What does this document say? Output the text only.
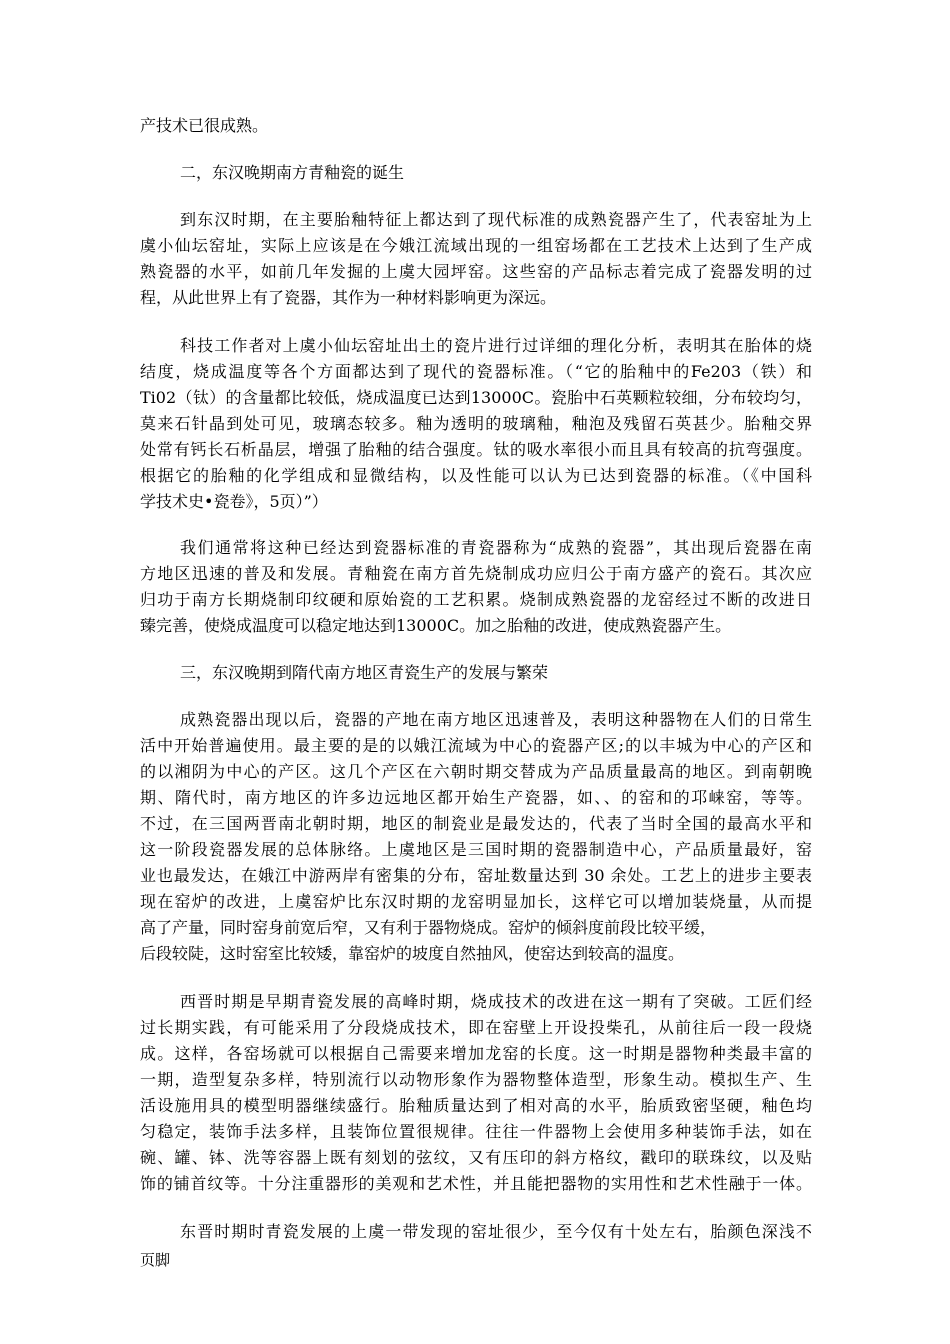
产技术已很成熟。
二，东汉晚期南方青釉瓷的诞生
到东汉时期，在主要胎釉特征上都达到了现代标准的成熟瓷器产生了，代表窑址为上
虞小仙坛窑址，实际上应该是在今娥江流域出现的一组窑场都在工艺技术上达到了生产成
熟瓷器的水平，如前几年发掘的上虞大园坪窑。这些窑的产品标志着完成了瓷器发明的过
程，从此世界上有了瓷器，其作为一种材料影响更为深远。
科技工作者对上虞小仙坛窑址出土的瓷片进行过详细的理化分析，表明其在胎体的烧
结度，烧成温度等各个方面都达到了现代的瓷器标准。（“它的胎釉中的Fe203（铁）和
Ti02（钛）的含量都比较低，烧成温度已达到13000C。瓷胎中石英颗粒较细，分布较均匀，
莫来石针晶到处可见，玻璃态较多。釉为透明的玻璃釉，釉泡及残留石英甚少。胎釉交界
处常有钙长石析晶层，增强了胎釉的结合强度。钛的吸水率很小而且具有较高的抗弯强度。
根据它的胎釉的化学组成和显微结构，以及性能可以认为已达到瓷器的标准。（《中国科
学技术史•瓷卷》，5页）”）
我们通常将这种已经达到瓷器标准的青瓷器称为“成熟的瓷器”，其出现后瓷器在南
方地区迅速的普及和发展。青釉瓷在南方首先烧制成功应归公于南方盛产的瓷石。其次应
归功于南方长期烧制印纹硬和原始瓷的工艺积累。烧制成熟瓷器的龙窑经过不断的改进日
臻完善，使烧成温度可以稳定地达到13000C。加之胎釉的改进，使成熟瓷器产生。
三，东汉晚期到隋代南方地区青瓷生产的发展与繁荣
成熟瓷器出现以后，瓷器的产地在南方地区迅速普及，表明这种器物在人们的日常生
活中开始普遍使用。最主要的是的以娥江流域为中心的瓷器产区;的以丰城为中心的产区和
的以湘阴为中心的产区。这几个产区在六朝时期交替成为产品质量最高的地区。到南朝晚
期、隋代时，南方地区的许多边远地区都开始生产瓷器，如、、的窑和的邛崃窑，等等。
不过，在三国两晋南北朝时期，地区的制瓷业是最发达的，代表了当时全国的最高水平和
这一阶段瓷器发展的总体脉络。上虞地区是三国时期的瓷器制造中心，产品质量最好，窑
业也最发达，在娥江中游两岸有密集的分布，窑址数量达到 30 余处。工艺上的进步主要表
现在窑炉的改进，上虞窑炉比东汉时期的龙窑明显加长，这样它可以增加装烧量，从而提
高了产量，同时窑身前宽后窄，又有利于器物烧成。窑炉的倾斜度前段比较平缓，
后段较陡，这时窑室比较矮，靠窑炉的坡度自然抽风，使窑达到较高的温度。
西晋时期是早期青瓷发展的高峰时期，烧成技术的改进在这一期有了突破。工匠们经
过长期实践，有可能采用了分段烧成技术，即在窑壁上开设投柴孔，从前往后一段一段烧
成。这样，各窑场就可以根据自己需要来增加龙窑的长度。这一时期是器物种类最丰富的
一期，造型复杂多样，特别流行以动物形象作为器物整体造型，形象生动。模拟生产、生
活设施用具的模型明器继续盛行。胎釉质量达到了相对高的水平，胎质致密坚硬，釉色均
匀稳定，装饰手法多样，且装饰位置很规律。往往一件器物上会使用多种装饰手法，如在
碗、罐、钵、洗等容器上既有刻划的弦纹，又有压印的斜方格纹，戳印的联珠纹，以及贴
饰的铺首纹等。十分注重器形的美观和艺术性，并且能把器物的实用性和艺术性融于一体。
东晋时期时青瓷发展的上虞一带发现的窑址很少，至今仅有十处左右，胎颜色深浅不
页脚
